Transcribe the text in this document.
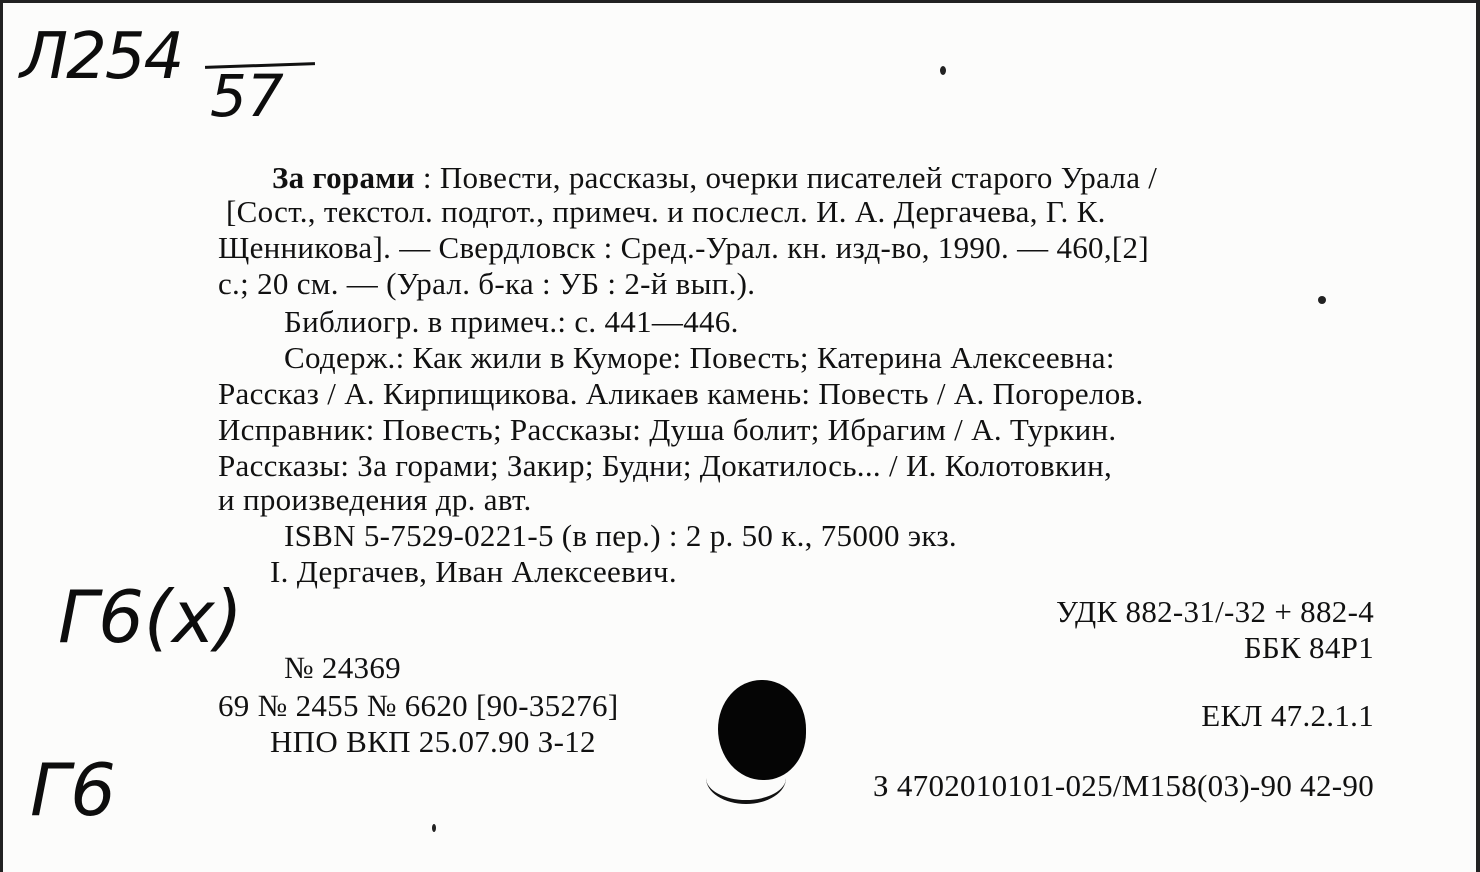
Л254
57
Г6(х)
Г6
За горами : Повести, рассказы, очерки писателей старого Урала /
[Сост., текстол. подгот., примеч. и послесл. И. А. Дергачева, Г. К.
Щенникова]. — Свердловск : Сред.-Урал. кн. изд-во, 1990. — 460,[2]
с.; 20 см. — (Урал. б-ка : УБ : 2-й вып.).
Библиогр. в примеч.: с. 441—446.
Содерж.: Как жили в Куморе: Повесть; Катерина Алексеевна:
Рассказ / А. Кирпищикова. Аликаев камень: Повесть / А. Погорелов.
Исправник: Повесть; Рассказы: Душа болит; Ибрагим / А. Туркин.
Рассказы: За горами; Закир; Будни; Докатилось... / И. Колотовкин,
и произведения др. авт.
ISBN 5-7529-0221-5 (в пер.) : 2 р. 50 к., 75000 экз.
I. Дергачев, Иван Алексеевич.
УДК 882-31/-32 + 882-4
ББК 84Р1
ЕКЛ 47.2.1.1
З 4702010101-025/М158(03)-90 42-90
№ 24369
69 № 2455 № 6620 [90-35276]
НПО ВКП 25.07.90 З-12
